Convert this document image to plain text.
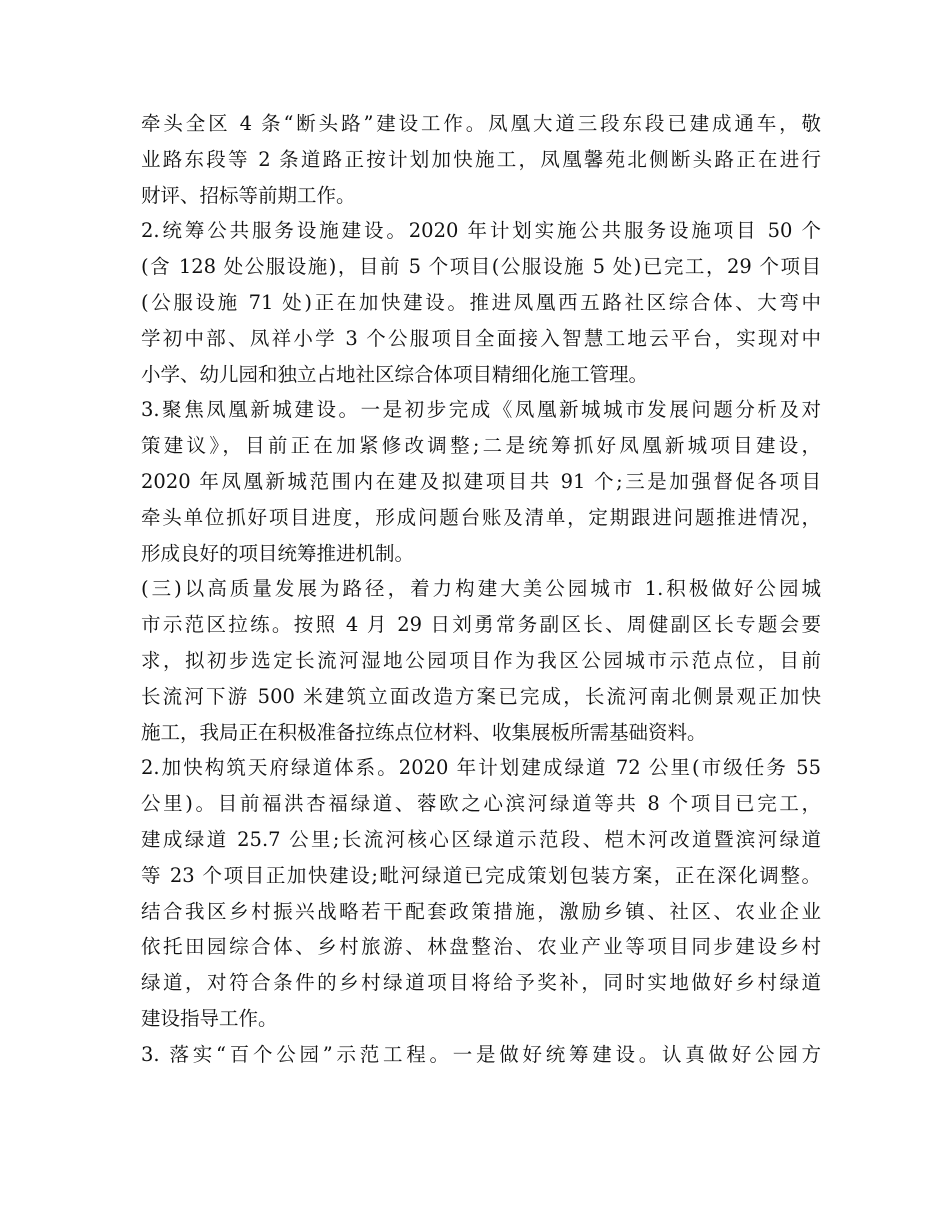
牵头全区 4 条“断头路”建设工作。凤凰大道三段东段已建成通车，敬
业路东段等 2 条道路正按计划加快施工，凤凰馨苑北侧断头路正在进行
财评、招标等前期工作。
2.统筹公共服务设施建设。2020 年计划实施公共服务设施项目 50 个
(含 128 处公服设施)，目前 5 个项目(公服设施 5 处)已完工，29 个项目
(公服设施 71 处)正在加快建设。推进凤凰西五路社区综合体、大弯中
学初中部、凤祥小学 3 个公服项目全面接入智慧工地云平台，实现对中
小学、幼儿园和独立占地社区综合体项目精细化施工管理。
3.聚焦凤凰新城建设。一是初步完成《凤凰新城城市发展问题分析及对
策建议》，目前正在加紧修改调整;二是统筹抓好凤凰新城项目建设，
2020 年凤凰新城范围内在建及拟建项目共 91 个;三是加强督促各项目
牵头单位抓好项目进度，形成问题台账及清单，定期跟进问题推进情况，
形成良好的项目统筹推进机制。
(三)以高质量发展为路径，着力构建大美公园城市 1.积极做好公园城
市示范区拉练。按照 4 月 29 日刘勇常务副区长、周健副区长专题会要
求，拟初步选定长流河湿地公园项目作为我区公园城市示范点位，目前
长流河下游 500 米建筑立面改造方案已完成，长流河南北侧景观正加快
施工，我局正在积极准备拉练点位材料、收集展板所需基础资料。
2.加快构筑天府绿道体系。2020 年计划建成绿道 72 公里(市级任务 55
公里)。目前福洪杏福绿道、蓉欧之心滨河绿道等共 8 个项目已完工，
建成绿道 25.7 公里;长流河核心区绿道示范段、桤木河改道暨滨河绿道
等 23 个项目正加快建设;毗河绿道已完成策划包装方案，正在深化调整。
结合我区乡村振兴战略若干配套政策措施，激励乡镇、社区、农业企业
依托田园综合体、乡村旅游、林盘整治、农业产业等项目同步建设乡村
绿道，对符合条件的乡村绿道项目将给予奖补，同时实地做好乡村绿道
建设指导工作。
3. 落实“百个公园”示范工程。一是做好统筹建设。认真做好公园方
